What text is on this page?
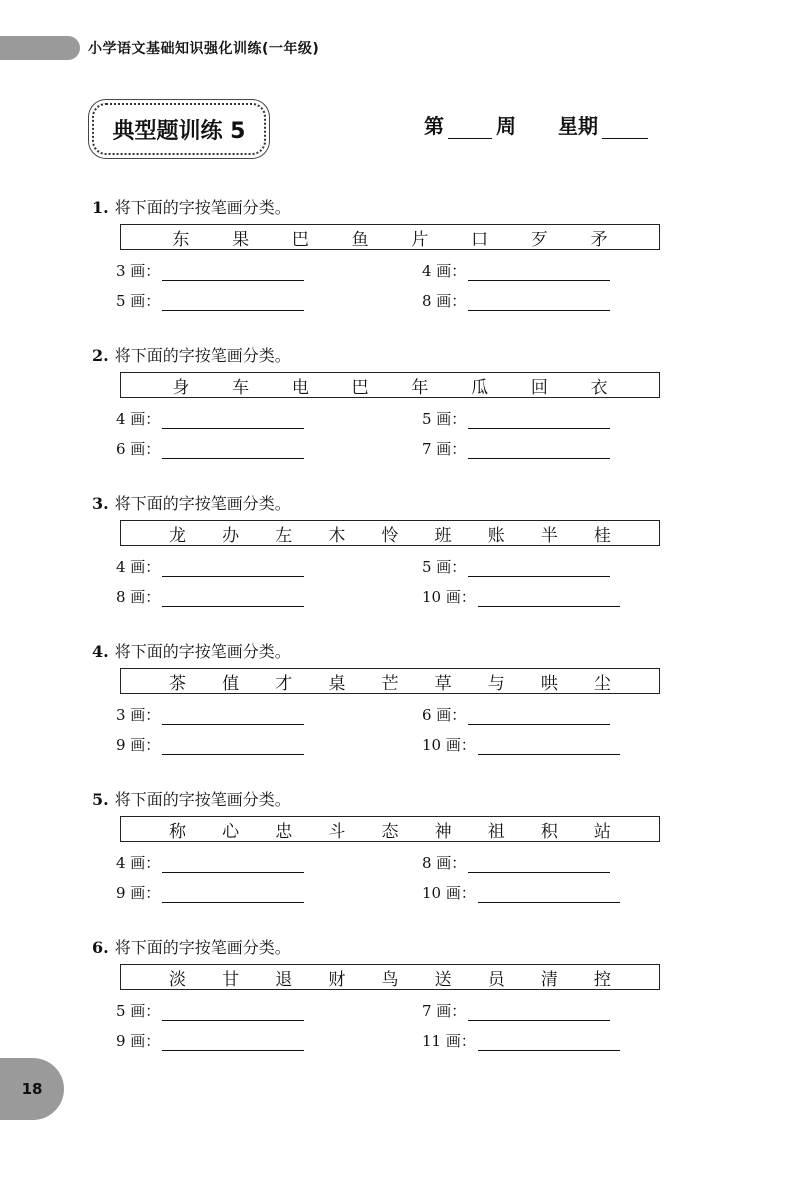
小学语文基础知识强化训练(一年级)
典型题训练 5	第	周 星期
1. 将下面的字按笔画分类。
东	果	巴	鱼	片	口	歹	矛
3 画：	4 画：
5 画：	8 画：
2. 将下面的字按笔画分类。
身	车	电	巴	年	瓜	回	衣
4 画：	5 画：
6 画：	7 画：
3. 将下面的字按笔画分类。
龙 办 左 木 怜 班 账 半 桂
4 画：	5 画：
8 画：	10 画：
4. 将下面的字按笔画分类。
茶 值 才 桌 芒 草 与 哄 尘
3 画：	6 画：
9 画：	10 画：
5. 将下面的字按笔画分类。
称 心 忠 斗 态 神 祖 积 站
4 画：	8 画：
9 画：	10 画：
6. 将下面的字按笔画分类。
淡 甘 退 财 鸟 送 员 清 控
5 画：	7 画：
9 画：	11 画：
18
